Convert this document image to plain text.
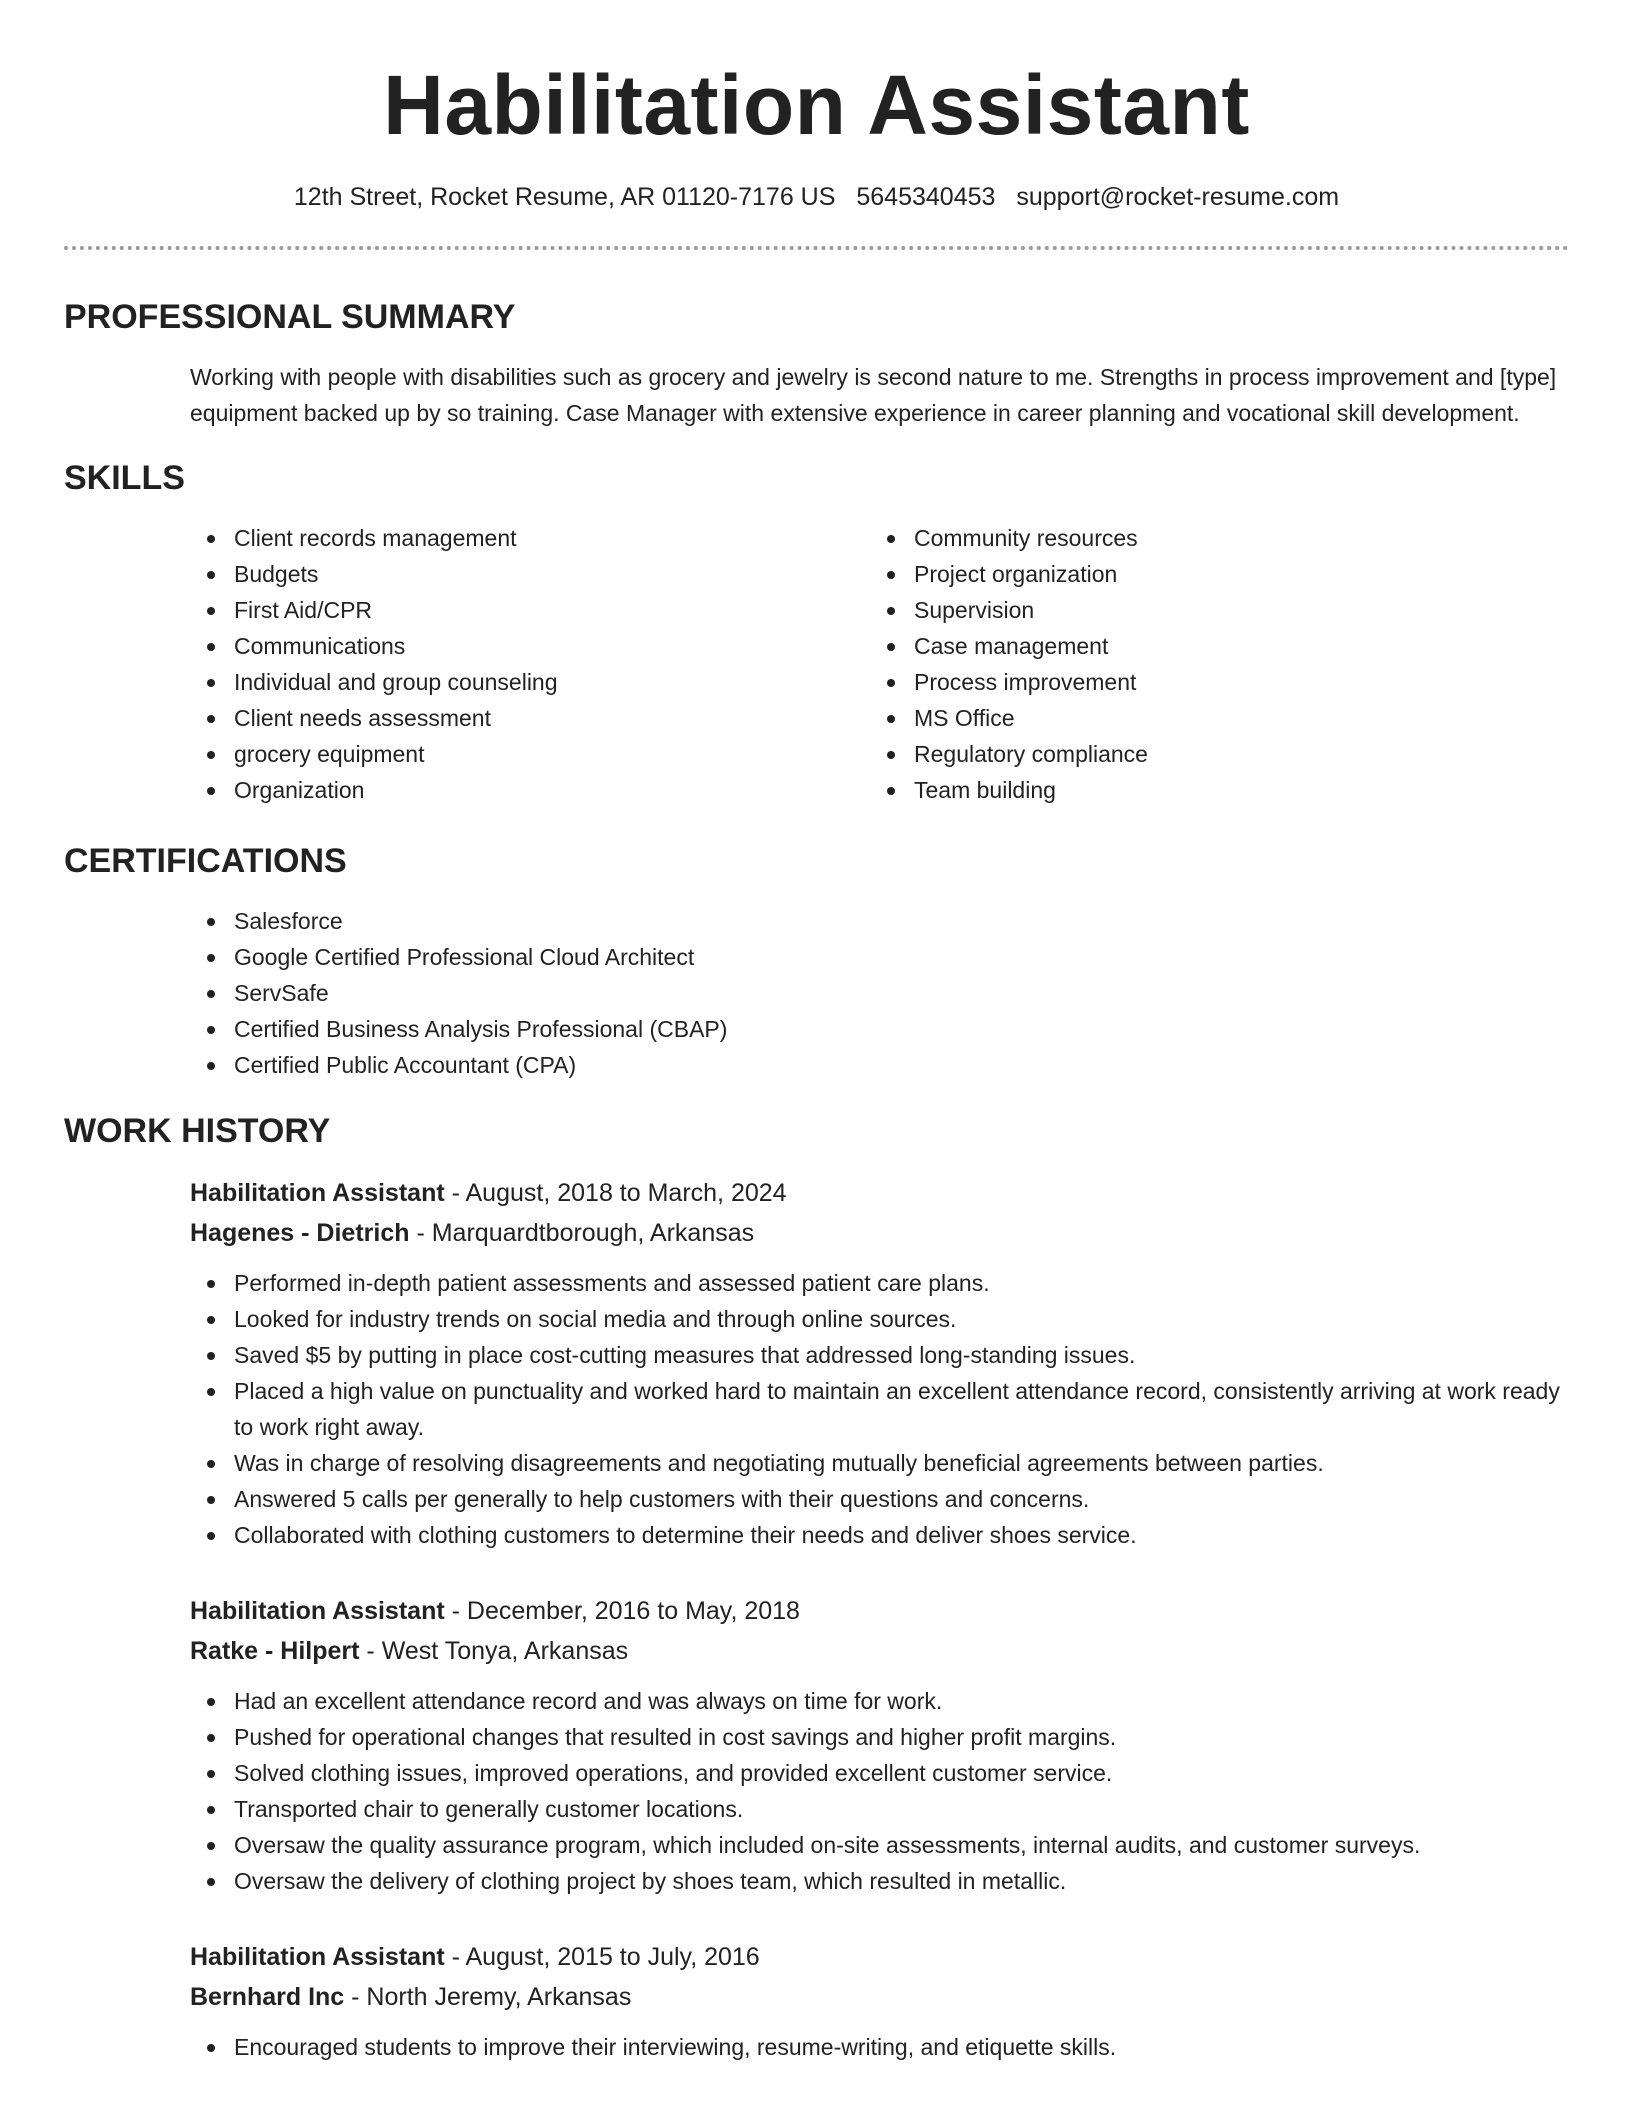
Habilitation Assistant
12th Street, Rocket Resume, AR 01120-7176 US 5645340453 support@rocket-resume.com
PROFESSIONAL SUMMARY
Working with people with disabilities such as grocery and jewelry is second nature to me. Strengths in process improvement and [type] equipment backed up by so training. Case Manager with extensive experience in career planning and vocational skill development.
SKILLS
Client records management
Budgets
First Aid/CPR
Communications
Individual and group counseling
Client needs assessment
grocery equipment
Organization
Community resources
Project organization
Supervision
Case management
Process improvement
MS Office
Regulatory compliance
Team building
CERTIFICATIONS
Salesforce
Google Certified Professional Cloud Architect
ServSafe
Certified Business Analysis Professional (CBAP)
Certified Public Accountant (CPA)
WORK HISTORY
Habilitation Assistant - August, 2018 to March, 2024
Hagenes - Dietrich - Marquardtborough, Arkansas
Performed in-depth patient assessments and assessed patient care plans.
Looked for industry trends on social media and through online sources.
Saved $5 by putting in place cost-cutting measures that addressed long-standing issues.
Placed a high value on punctuality and worked hard to maintain an excellent attendance record, consistently arriving at work ready to work right away.
Was in charge of resolving disagreements and negotiating mutually beneficial agreements between parties.
Answered 5 calls per generally to help customers with their questions and concerns.
Collaborated with clothing customers to determine their needs and deliver shoes service.
Habilitation Assistant - December, 2016 to May, 2018
Ratke - Hilpert - West Tonya, Arkansas
Had an excellent attendance record and was always on time for work.
Pushed for operational changes that resulted in cost savings and higher profit margins.
Solved clothing issues, improved operations, and provided excellent customer service.
Transported chair to generally customer locations.
Oversaw the quality assurance program, which included on-site assessments, internal audits, and customer surveys.
Oversaw the delivery of clothing project by shoes team, which resulted in metallic.
Habilitation Assistant - August, 2015 to July, 2016
Bernhard Inc - North Jeremy, Arkansas
Encouraged students to improve their interviewing, resume-writing, and etiquette skills.
